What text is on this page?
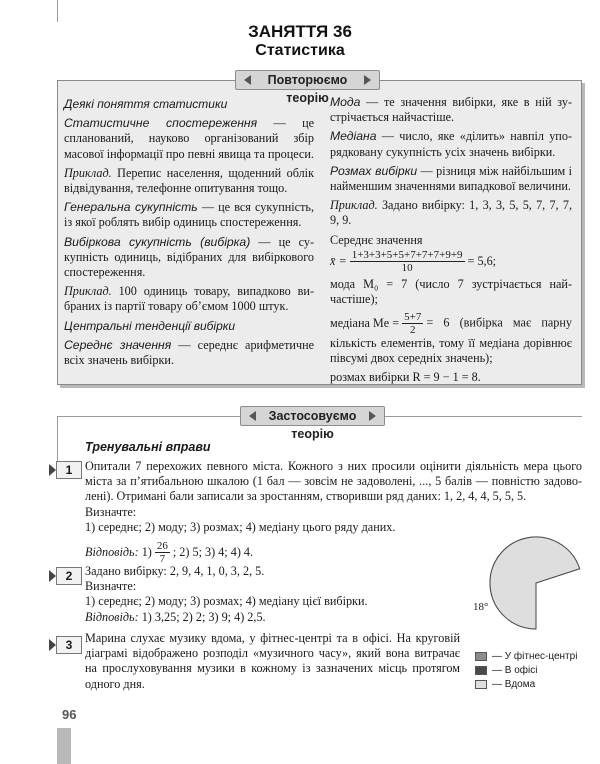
ЗАНЯТТЯ 36
Статистика
Повторюємо теорію

Деякі поняття статистики

Статистичне спостереження — це спланований, науково організований збір масової інформації про певні явища та процеси.

Приклад. Перепис населення, щоденний облік відвідування, телефонне опитування тощо.

Генеральна сукупність — це вся сукупність, із якої роблять вибір одиниць спостереження.

Вибіркова сукупність (вибірка) — це сукупність одиниць, відібраних для вибіркового спостереження.

Приклад. 100 одиниць товару, випадково вибраних із партії товару об’ємом 1000 штук.

Центральні тенденції вибірки

Середнє значення — середнє арифметичне всіх значень вибірки.

Мода — те значення вибірки, яке в ній зустрічається найчастіше.

Медіана — число, яке «ділить» навпіл упорядковану сукупність усіх значень вибірки.

Розмах вибірки — різниця між найбільшим і найменшим значеннями випадкової величини.

Приклад. Задано вибірку: 1, 3, 3, 5, 5, 7, 7, 7, 9, 9.

Середнє значення
x̄ = $\frac{1+3+3+5+5+7+7+7+9+9}{10} = 5,6$;

мода M₀ = 7 (число 7 зустрічається найчастіше);

медіана $Me = \frac{5+7}{2} = 6$ (вибірка має парну кількість елементів, тому її медіана дорівнює півсумі двох середніх значень);

розмах вибірки R = 9 − 1 = 8.

Застосовуємо теорію
Тренувальні вправи
1	Опитали 7 перехожих певного міста. Кожного з них просили оцінити діяльність мера цього міста за п’ятибальною шкалою (1 бал — зовсім не задоволені, ..., 5 балів — повністю задоволені). Отримані бали записали за зростанням, створивши ряд даних: 1, 2, 4, 4, 5, 5, 5.
Визначте:
1) середнє; 2) моду; 3) розмах; 4) медіану цього ряду даних.
Відповідь:
$1) \frac{26}{7}$ ; 2) 5; 3) 4; 4) 4.
2	Задано вибірку: 2, 9, 4, 1, 0, 3, 2, 5.
Визначте:
1) середнє; 2) моду; 3) розмах; 4) медіану цієї вибірки.
Відповідь: 1) 3,25; 2) 2; 3) 9; 4) 2,5.
3	Марина слухає музику вдома, у фітнес-центрі та в офісі. На круговій діаграмі відображено розподіл «музичного часу», який вона витрачає на прослуховування музики в кожному із зазначених місць протягом одного дня.
18°
— У фітнес-центрі
— В офісі
— Вдома
96
